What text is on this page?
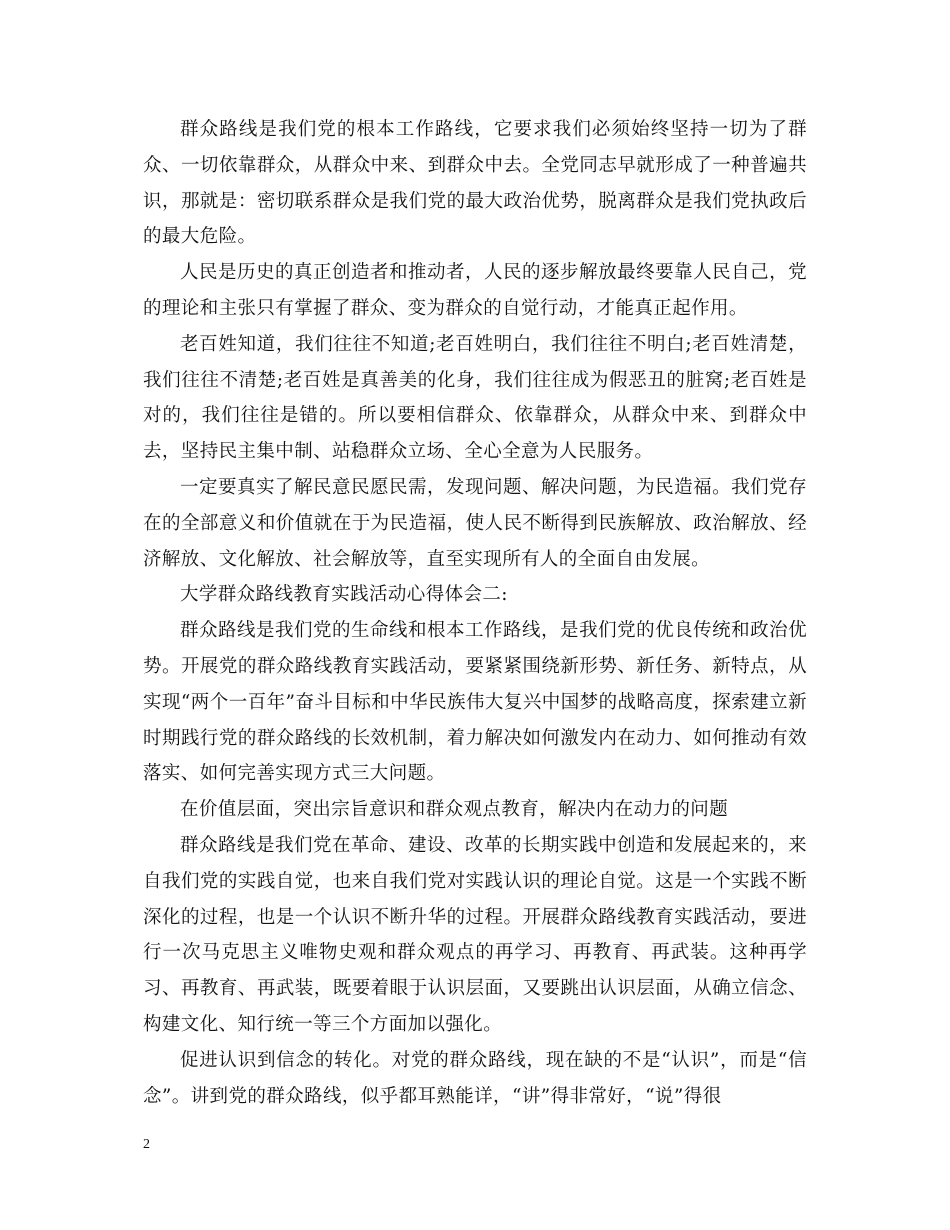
群众路线是我们党的根本工作路线，它要求我们必须始终坚持一切为了群众、一切依靠群众，从群众中来、到群众中去。全党同志早就形成了一种普遍共识，那就是：密切联系群众是我们党的最大政治优势，脱离群众是我们党执政后的最大危险。

人民是历史的真正创造者和推动者，人民的逐步解放最终要靠人民自己，党的理论和主张只有掌握了群众、变为群众的自觉行动，才能真正起作用。

老百姓知道，我们往往不知道;老百姓明白，我们往往不明白;老百姓清楚，我们往往不清楚;老百姓是真善美的化身，我们往往成为假恶丑的脏窝;老百姓是对的，我们往往是错的。所以要相信群众、依靠群众，从群众中来、到群众中去，坚持民主集中制、站稳群众立场、全心全意为人民服务。

一定要真实了解民意民愿民需，发现问题、解决问题，为民造福。我们党存在的全部意义和价值就在于为民造福，使人民不断得到民族解放、政治解放、经济解放、文化解放、社会解放等，直至实现所有人的全面自由发展。

大学群众路线教育实践活动心得体会二:

群众路线是我们党的生命线和根本工作路线，是我们党的优良传统和政治优势。开展党的群众路线教育实践活动，要紧紧围绕新形势、新任务、新特点，从实现“两个一百年”奋斗目标和中华民族伟大复兴中国梦的战略高度，探索建立新时期践行党的群众路线的长效机制，着力解决如何激发内在动力、如何推动有效落实、如何完善实现方式三大问题。

在价值层面，突出宗旨意识和群众观点教育，解决内在动力的问题

群众路线是我们党在革命、建设、改革的长期实践中创造和发展起来的，来自我们党的实践自觉，也来自我们党对实践认识的理论自觉。这是一个实践不断深化的过程，也是一个认识不断升华的过程。开展群众路线教育实践活动，要进行一次马克思主义唯物史观和群众观点的再学习、再教育、再武装。这种再学习、再教育、再武装，既要着眼于认识层面，又要跳出认识层面，从确立信念、构建文化、知行统一等三个方面加以强化。

促进认识到信念的转化。对党的群众路线，现在缺的不是“认识”，而是“信念”。讲到党的群众路线，似乎都耳熟能详，“讲”得非常好，“说”得很

2
